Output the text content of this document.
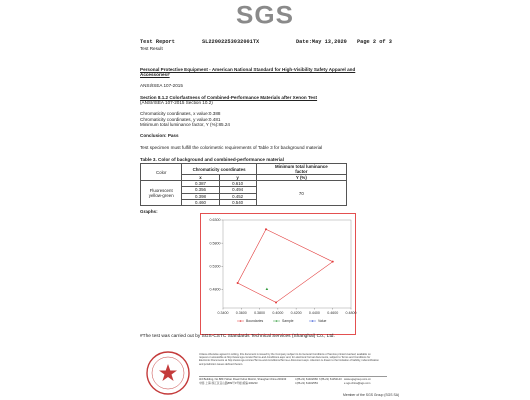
SGS
Test Report	SL22002253032001TX	Date:May 13,2020 Page 2 of 3
Test Result
Personal Protective Equipment - American National Standard for High-Visibility Safety Apparel and
Accessories#
ANSI/ISEA 107-2015
Section 8.1.2 Colorfastness of Combined-Performance Materials after Xenon Test
(ANSI/ISEA 107-2015 Section 10.2)
Chromaticity coordinates, x value:0.388
Chromaticity coordinates, y value:0.481
Minimum total luminance factor, Y (%):85.24
Conclusion: Pass
Test specimen must fulfill the colorimetric requirements of Table 3 for background material
Table 3. Color of background and combined-performance material
Color	Chromaticity coordinates		Minimum total luminance
factor
	x	y	Y (%)
Fluorescent
yellow-green	0.387	0.610	70
	0.356	0.494	
	0.398	0.452	
	0.460	0.540	
Graphs:
0.4800
0.5300
0.5800
0.6300
0.3400 0.3600 0.3800 0.4000 0.4200 0.4400 0.4600 0.4800
Boundaries	Sample	Value
#The test was carried out by SGS-CSTC Standards Technical Services (Shanghai) Co., Ltd.
Unless otherwise agreed in writing, this document is issued by the Company subject to its General Conditions of Service printed overleaf, available on request or accessible at http://www.sgs.com/en/Terms-and-Conditions.aspx and, for electronic format documents, subject to Terms and Conditions for Electronic Documents at http://www.sgs.com/en/Terms-and-Conditions/Terms-e-Document.aspx. Attention is drawn to the limitation of liability, indemnification and jurisdiction issues defined therein.
3rd Building, No.889 Yishan Road Xuhui District, Shanghai China 200233
中国·上海·徐汇区宜山路889号3号楼 邮编:200233
t (86-21) 61402666 f (86-21) 61152143 www.sgsgroup.com.cn
t (86-21) 61402553	e sgs.china@sgs.com
Member of the SGS Group (SGS SA)
